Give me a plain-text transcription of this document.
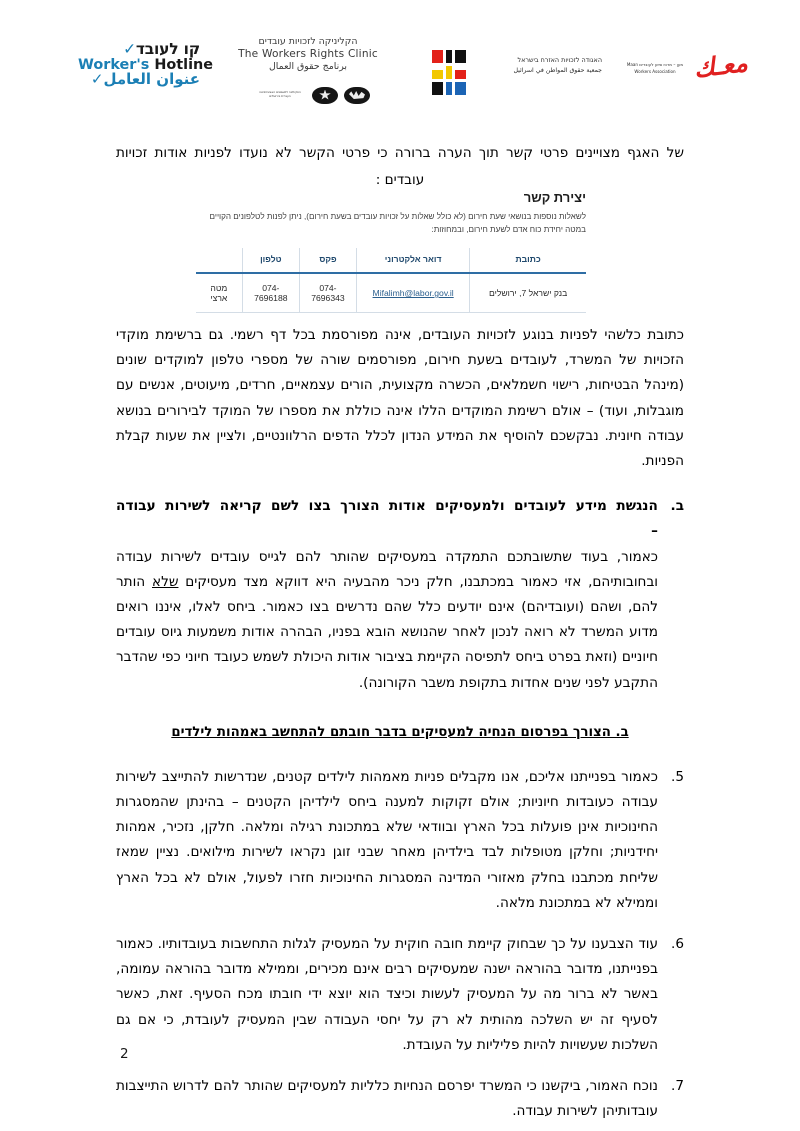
קו לעובד✓
Worker's Hotline
عنوان العامل✓
הקליניקה לזכויות עובדים
The Workers Rights Clinic
برنامج حقوق العمال
הפקולטה למשפטים האוניברסיטה העברית בירושלים
האגודה לזכויות האזרח בישראל
جمعية حقوق المواطن في اسرائيل
מען – מרכז סיוע לעובדים Maan Workers Association معـك

של האגף מצויינים פרטי קשר תוך הערה ברורה כי פרטי הקשר לא נועדו לפניות אודות זכויות עובדים :

יצירת קשר
לשאלות נוספות בנושאי שעת חירום (לא כולל שאלות על זכויות עובדים בשעת חירום), ניתן לפנות לטלפונים הקויים במטה יחידת כוח אדם לשעת חירום, ובמחוזות:
כתובת	דואר אלקטרוני	פקס	טלפון	
בנק ישראל 7, ירושלים	Mifalimh@labor.gov.il	074-7696343	074-7696188	מטה ארצי

כתובת כלשהי לפניות בנוגע לזכויות העובדים, אינה מפורסמת בכל דף רשמי. גם ברשימת מוקדי הזכויות של המשרד, לעובדים בשעת חירום, מפורסמים שורה של מספרי טלפון למוקדים שונים (מינהל הבטיחות, רישוי חשמלאים, הכשרה מקצועית, הורים עצמאיים, חרדים, מיעוטים, אנשים עם מוגבלות, ועוד) – אולם רשימת המוקדים הללו אינה כוללת את מספרו של המוקד לבירורים בנושא עבודה חיונית. נבקשכם להוסיף את המידע הנדון לכלל הדפים הרלוונטיים, ולציין את שעות קבלת הפניות.

ב.
הנגשת מידע לעובדים ולמעסיקים אודות הצורך בצו לשם קריאה לשירות עבודה –
כאמור, בעוד שתשובתכם התמקדה במעסיקים שהותר להם לגייס עובדים לשירות עבודה ובחובותיהם, אזי כאמור במכתבנו, חלק ניכר מהבעיה היא דווקא מצד מעסיקים שלא הותר להם, ושהם (ועובדיהם) אינם יודעים כלל שהם נדרשים בצו כאמור. ביחס לאלו, איננו רואים מדוע המשרד לא רואה לנכון לאחר שהנושא הובא בפניו, הבהרה אודות משמעות גיוס עובדים חיוניים (וזאת בפרט ביחס לתפיסה הקיימת בציבור אודות היכולת לשמש כעובד חיוני כפי שהדבר התקבע לפני שנים אחדות בתקופת משבר הקורונה).
ב. הצורך בפרסום הנחיה למעסיקים בדבר חובתם להתחשב באמהות לילדים
5.
כאמור בפנייתנו אליכם, אנו מקבלים פניות מאמהות לילדים קטנים, שנדרשות להתייצב לשירות עבודה כעובדות חיוניות; אולם זקוקות למענה ביחס לילדיהן הקטנים – בהינתן שהמסגרות החינוכיות אינן פועלות בכל הארץ ובוודאי שלא במתכונת רגילה ומלאה. חלקן, נזכיר, אמהות יחידניות; וחלקן מטופלות לבד בילדיהן מאחר שבני זוגן נקראו לשירות מילואים. נציין שמאז שליחת מכתבנו בחלק מאזורי המדינה המסגרות החינוכיות חזרו לפעול, אולם לא בכל הארץ וממילא לא במתכונת מלאה.
6.
עוד הצבענו על כך שבחוק קיימת חובה חוקית על המעסיק לגלות התחשבות בעובדותיו. כאמור בפנייתנו, מדובר בהוראה ישנה שמעסיקים רבים אינם מכירים, וממילא מדובר בהוראה עמומה, באשר לא ברור מה על המעסיק לעשות וכיצד הוא יוצא ידי חובתו מכח הסעיף. זאת, כאשר לסעיף זה יש השלכה מהותית לא רק על יחסי העבודה שבין המעסיק לעובדת, כי אם גם השלכות שעשויות להיות פליליות על העובדת.
7.
נוכח האמור, ביקשנו כי המשרד יפרסם הנחיות כלליות למעסיקים שהותר להם לדרוש התייצבות עובדותיהן לשירות עבודה.
2
